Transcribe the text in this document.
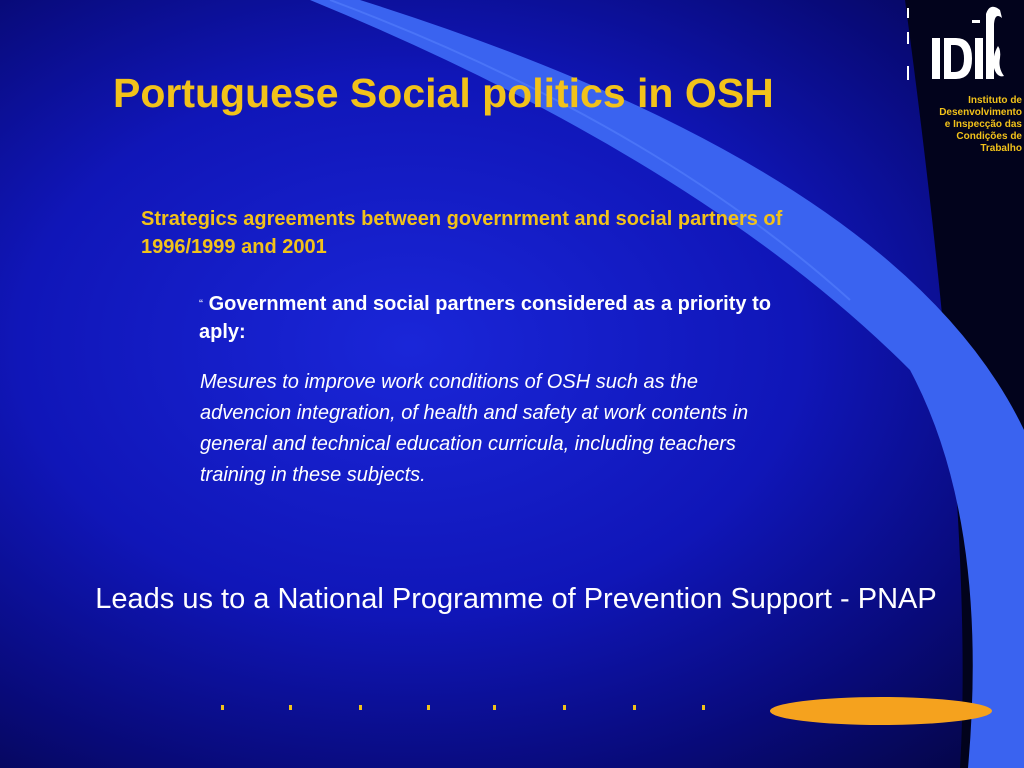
Portuguese Social politics in OSH	Instituto de
Desenvolvimento
e Inspecção das
Condições de
Trabalho

Strategics agreements between governrment and social partners of 1996/1999 and 2001

“ Government and social partners considered as a priority to aply:

Mesures to improve work conditions of OSH such as the advencion integration, of health and safety at work contents in general and technical education curricula, including teachers training in these subjects.

Leads us to a National Programme of Prevention Support - PNAP
